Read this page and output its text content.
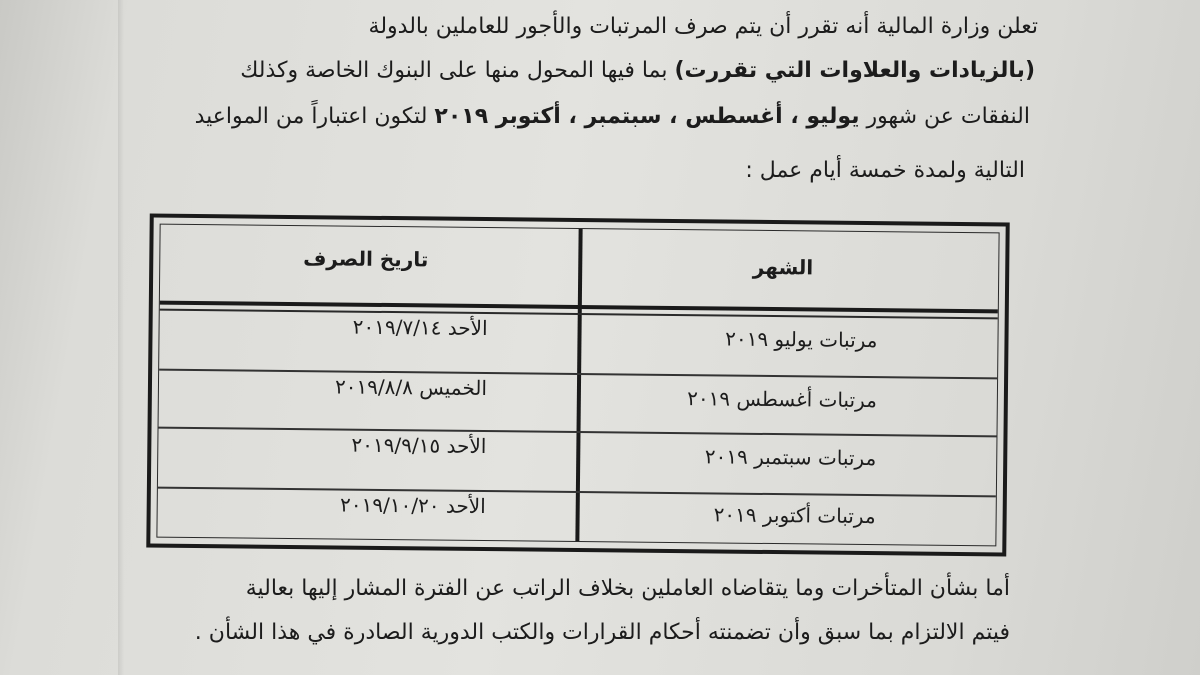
تعلن وزارة المالية أنه تقرر أن يتم صرف المرتبات والأجور للعاملين بالدولة
(بالزيادات والعلاوات التي تقررت) بما فيها المحول منها على البنوك الخاصة وكذلك
النفقات عن شهور يوليو ، أغسطس ، سبتمبر ، أكتوبر ٢٠١٩ لتكون اعتباراً من المواعيد
التالية ولمدة خمسة أيام عمل :
الشهر
تاريخ الصرف
مرتبات يوليو ٢٠١٩
الأحد ٢٠١٩/٧/١٤
مرتبات أغسطس ٢٠١٩
الخميس ٢٠١٩/٨/٨
مرتبات سبتمبر ٢٠١٩
الأحد ٢٠١٩/٩/١٥
مرتبات أكتوبر ٢٠١٩
الأحد ٢٠١٩/١٠/٢٠
أما بشأن المتأخرات وما يتقاضاه العاملين بخلاف الراتب عن الفترة المشار إليها بعالية
فيتم الالتزام بما سبق وأن تضمنته أحكام القرارات والكتب الدورية الصادرة في هذا الشأن .
